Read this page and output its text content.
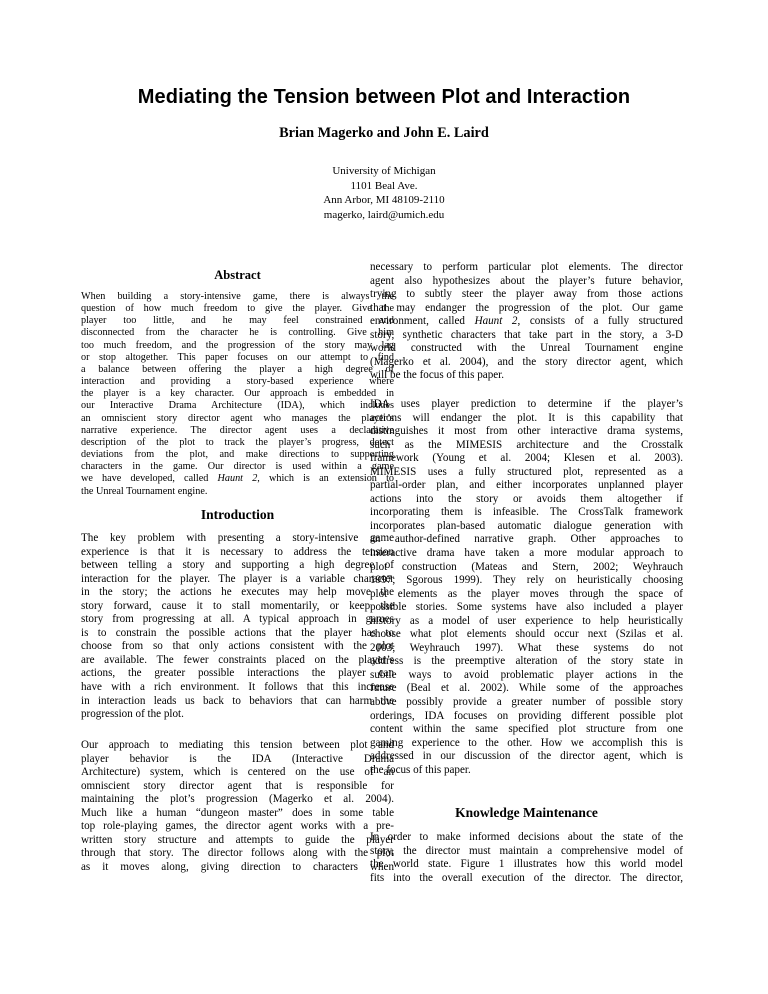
Mediating the Tension between Plot and Interaction
Brian Magerko and John E. Laird
University of Michigan
1101 Beal Ave.
Ann Arbor, MI 48109-2110
magerko, laird@umich.edu
Abstract

When building a story-intensive game, there is always the
question of how much freedom to give the player. Give the
player too little, and he may feel constrained and
disconnected from the character he is controlling. Give him
too much freedom, and the progression of the story may lag
or stop altogether. This paper focuses on our attempt to find
a balance between offering the player a high degree of
interaction and providing a story-based experience where
the player is a key character. Our approach is embedded in
our Interactive Drama Architecture (IDA), which includes
an omniscient story director agent who manages the player’s
narrative experience. The director agent uses a declarative
description of the plot to track the player’s progress, detect
deviations from the plot, and make directions to supporting
characters in the game. Our director is used within a game
we have developed, called Haunt 2, which is an extension to
the Unreal Tournament engine.

Introduction

The key problem with presenting a story-intensive game
experience is that it is necessary to address the tension
between telling a story and supporting a high degree of
interaction for the player. The player is a variable character
in the story; the actions he executes may help move the
story forward, cause it to stall momentarily, or keep the
story from progressing at all. A typical approach in games
is to constrain the possible actions that the player has to
choose from so that only actions consistent with the plot
are available. The fewer constraints placed on the player’s
actions, the greater possible interactions the player can
have with a rich environment. It follows that this increase
in interaction leads us back to behaviors that can harm the
progression of the plot.

Our approach to mediating this tension between plot and
player behavior is the IDA (Interactive Drama
Architecture) system, which is centered on the use of an
omniscient story director agent that is responsible for
maintaining the plot’s progression (Magerko et al. 2004).
Much like a human “dungeon master” does in some table
top role-playing games, the director agent works with a pre-
written story structure and attempts to guide the player
through that story. The director follows along with the plot
as it moves along, giving direction to characters when

necessary to perform particular plot elements. The director
agent also hypothesizes about the player’s future behavior,
trying to subtly steer the player away from those actions
that may endanger the progression of the plot. Our game
environment, called Haunt 2, consists of a fully structured
story, synthetic characters that take part in the story, a 3-D
world constructed with the Unreal Tournament engine
(Magerko et al. 2004), and the story director agent, which
will be the focus of this paper.

IDA uses player prediction to determine if the player’s
actions will endanger the plot. It is this capability that
distinguishes it most from other interactive drama systems,
such as the MIMESIS architecture and the Crosstalk
framework (Young et al. 2004; Klesen et al. 2003).
MIMESIS uses a fully structured plot, represented as a
partial-order plan, and either incorporates unplanned player
actions into the story or avoids them altogether if
incorporating them is infeasible. The CrossTalk framework
incorporates plan-based automatic dialogue generation with
an author-defined narrative graph. Other approaches to
interactive drama have taken a more modular approach to
plot construction (Mateas and Stern, 2002; Weyhrauch
1997; Sgorous 1999). They rely on heuristically choosing
plot elements as the player moves through the space of
possible stories. Some systems have also included a player
history as a model of user experience to help heuristically
choose what plot elements should occur next (Szilas et al.
2003; Weyhrauch 1997). What these systems do not
address is the preemptive alteration of the story state in
subtle ways to avoid problematic player actions in the
future (Beal et al. 2002). While some of the approaches
above possibly provide a greater number of possible story
orderings, IDA focuses on providing different possible plot
content within the same specified plot structure from one
gaming experience to the other. How we accomplish this is
addressed in our discussion of the director agent, which is
the focus of this paper.

Knowledge Maintenance

In order to make informed decisions about the state of the
story, the director must maintain a comprehensive model of
the world state. Figure 1 illustrates how this world model
fits into the overall execution of the director. The director,
